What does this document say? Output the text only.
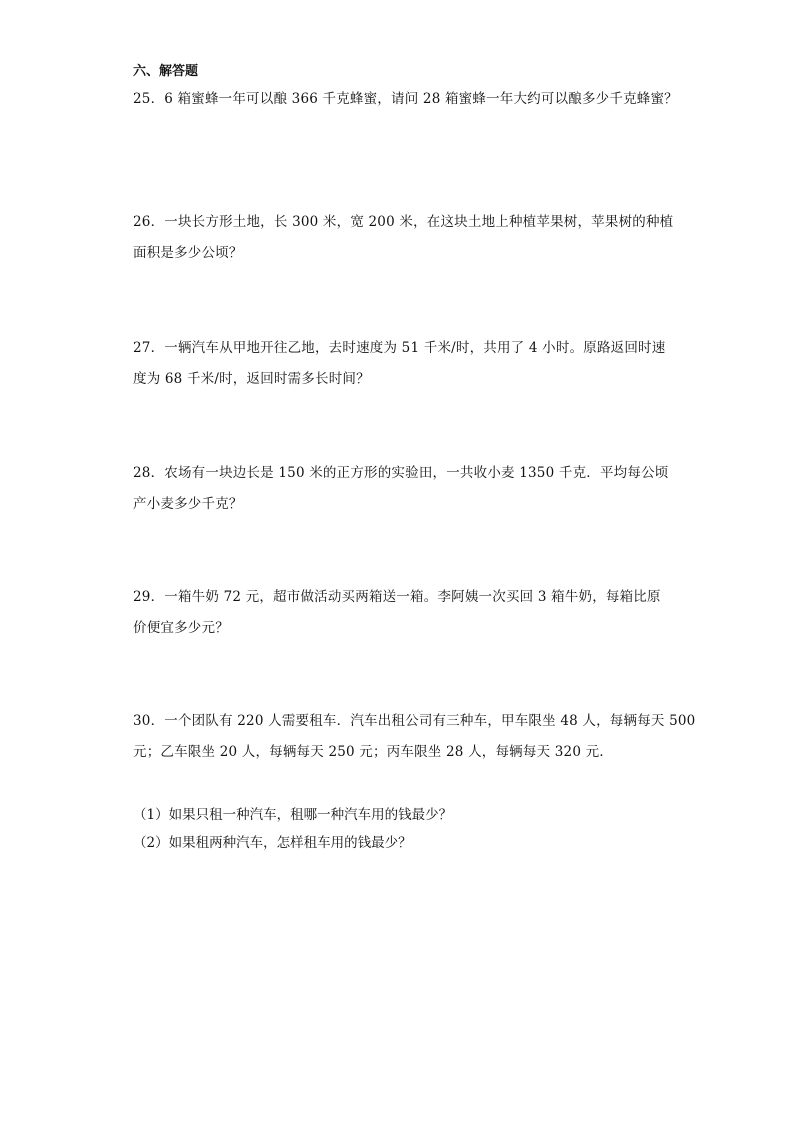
六、解答题

25．6 箱蜜蜂一年可以酿 366 千克蜂蜜，请问 28 箱蜜蜂一年大约可以酿多少千克蜂蜜？

26．一块长方形土地，长 300 米，宽 200 米，在这块土地上种植苹果树，苹果树的种植
面积是多少公顷？

27．一辆汽车从甲地开往乙地，去时速度为 51 千米/时，共用了 4 小时。原路返回时速
度为 68 千米/时，返回时需多长时间？

28．农场有一块边长是 150 米的正方形的实验田，一共收小麦 1350 千克．平均每公顷
产小麦多少千克？

29．一箱牛奶 72 元，超市做活动买两箱送一箱。李阿姨一次买回 3 箱牛奶，每箱比原
价便宜多少元？

30．一个团队有 220 人需要租车．汽车出租公司有三种车，甲车限坐 48 人，每辆每天 500
元；乙车限坐 20 人，每辆每天 250 元；丙车限坐 28 人，每辆每天 320 元．

（1）如果只租一种汽车，租哪一种汽车用的钱最少？
（2）如果租两种汽车，怎样租车用的钱最少？
